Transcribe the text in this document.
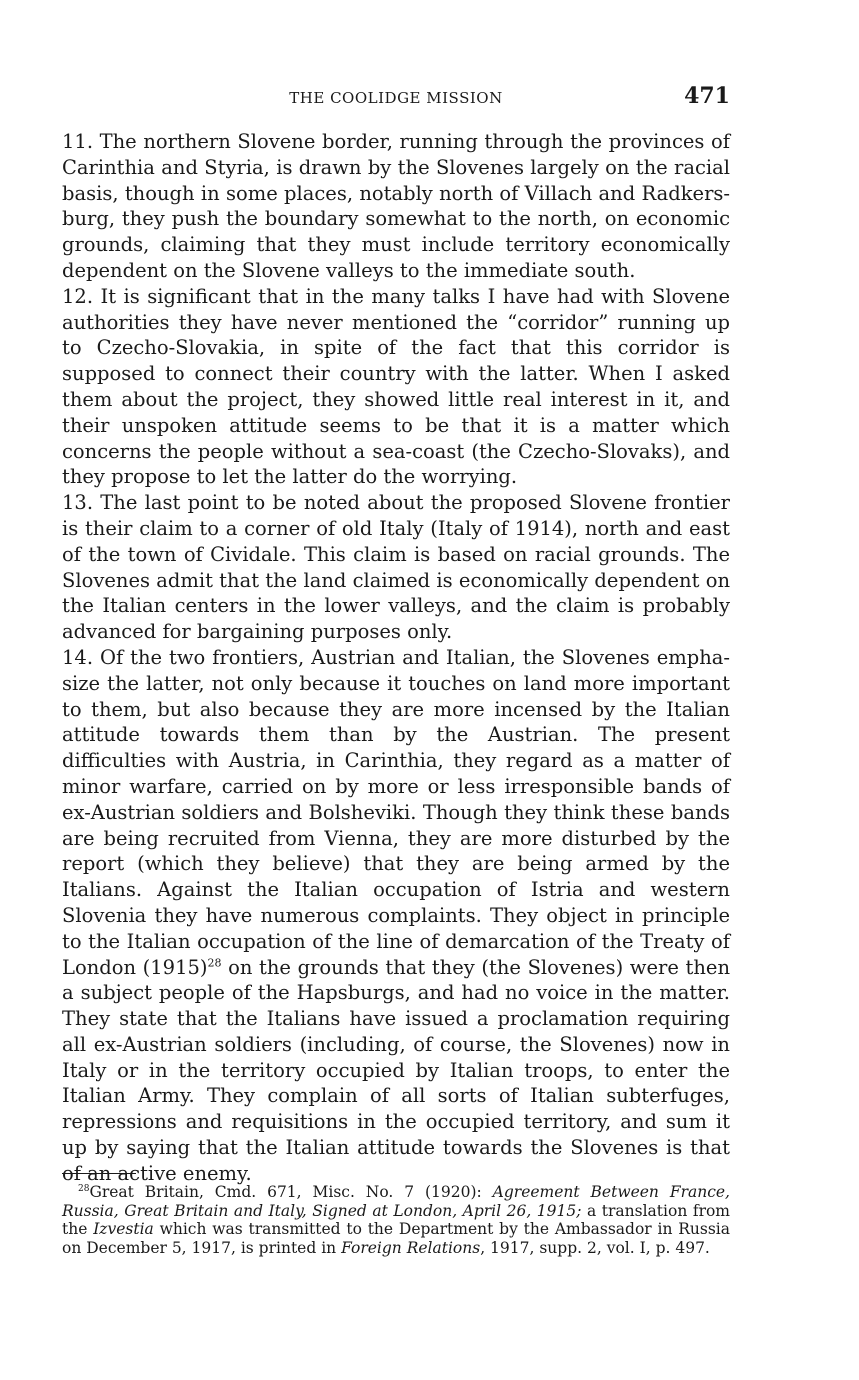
THE COOLIDGE MISSION	471

11. The northern Slovene border, running through the provinces of Carinthia and Styria, is drawn by the Slovenes largely on the racial basis, though in some places, notably north of Villach and Radkersburg, they push the boundary somewhat to the north, on economic grounds, claiming that they must include territory economically dependent on the Slovene valleys to the immediate south.

12. It is significant that in the many talks I have had with Slovene authorities they have never mentioned the “corridor” running up to Czecho-Slovakia, in spite of the fact that this corridor is supposed to connect their country with the latter. When I asked them about the project, they showed little real interest in it, and their unspoken attitude seems to be that it is a matter which concerns the people without a sea-coast (the Czecho-Slovaks), and they propose to let the latter do the worrying.

13. The last point to be noted about the proposed Slovene frontier is their claim to a corner of old Italy (Italy of 1914), north and east of the town of Cividale. This claim is based on racial grounds. The Slovenes admit that the land claimed is economically dependent on the Italian centers in the lower valleys, and the claim is probably advanced for bargaining purposes only.

14. Of the two frontiers, Austrian and Italian, the Slovenes emphasize the latter, not only because it touches on land more important to them, but also because they are more incensed by the Italian attitude towards them than by the Austrian. The present difficulties with Austria, in Carinthia, they regard as a matter of minor warfare, carried on by more or less irresponsible bands of ex-Austrian soldiers and Bolsheviki. Though they think these bands are being recruited from Vienna, they are more disturbed by the report (which they believe) that they are being armed by the Italians. Against the Italian occupation of Istria and western Slovenia they have numerous complaints. They object in principle to the Italian occupation of the line of demarcation of the Treaty of London (1915)$^{28}$ on the grounds that they (the Slovenes) were then a subject people of the Hapsburgs, and had no voice in the matter. They state that the Italians have issued a proclamation requiring all ex-Austrian soldiers (including, of course, the Slovenes) now in Italy or in the territory occupied by Italian troops, to enter the Italian Army. They complain of all sorts of Italian subterfuges, repressions and requisitions in the occupied territory, and sum it up by saying that the Italian attitude towards the Slovenes is that of an active enemy.

$^{28}$Great Britain, Cmd. 671, Misc. No. 7 (1920): Agreement Between France, Russia, Great Britain and Italy, Signed at London, April 26, 1915; a translation from the Izvestia which was transmitted to the Department by the Ambassador in Russia on December 5, 1917, is printed in Foreign Relations, 1917, supp. 2, vol. I, p. 497.
